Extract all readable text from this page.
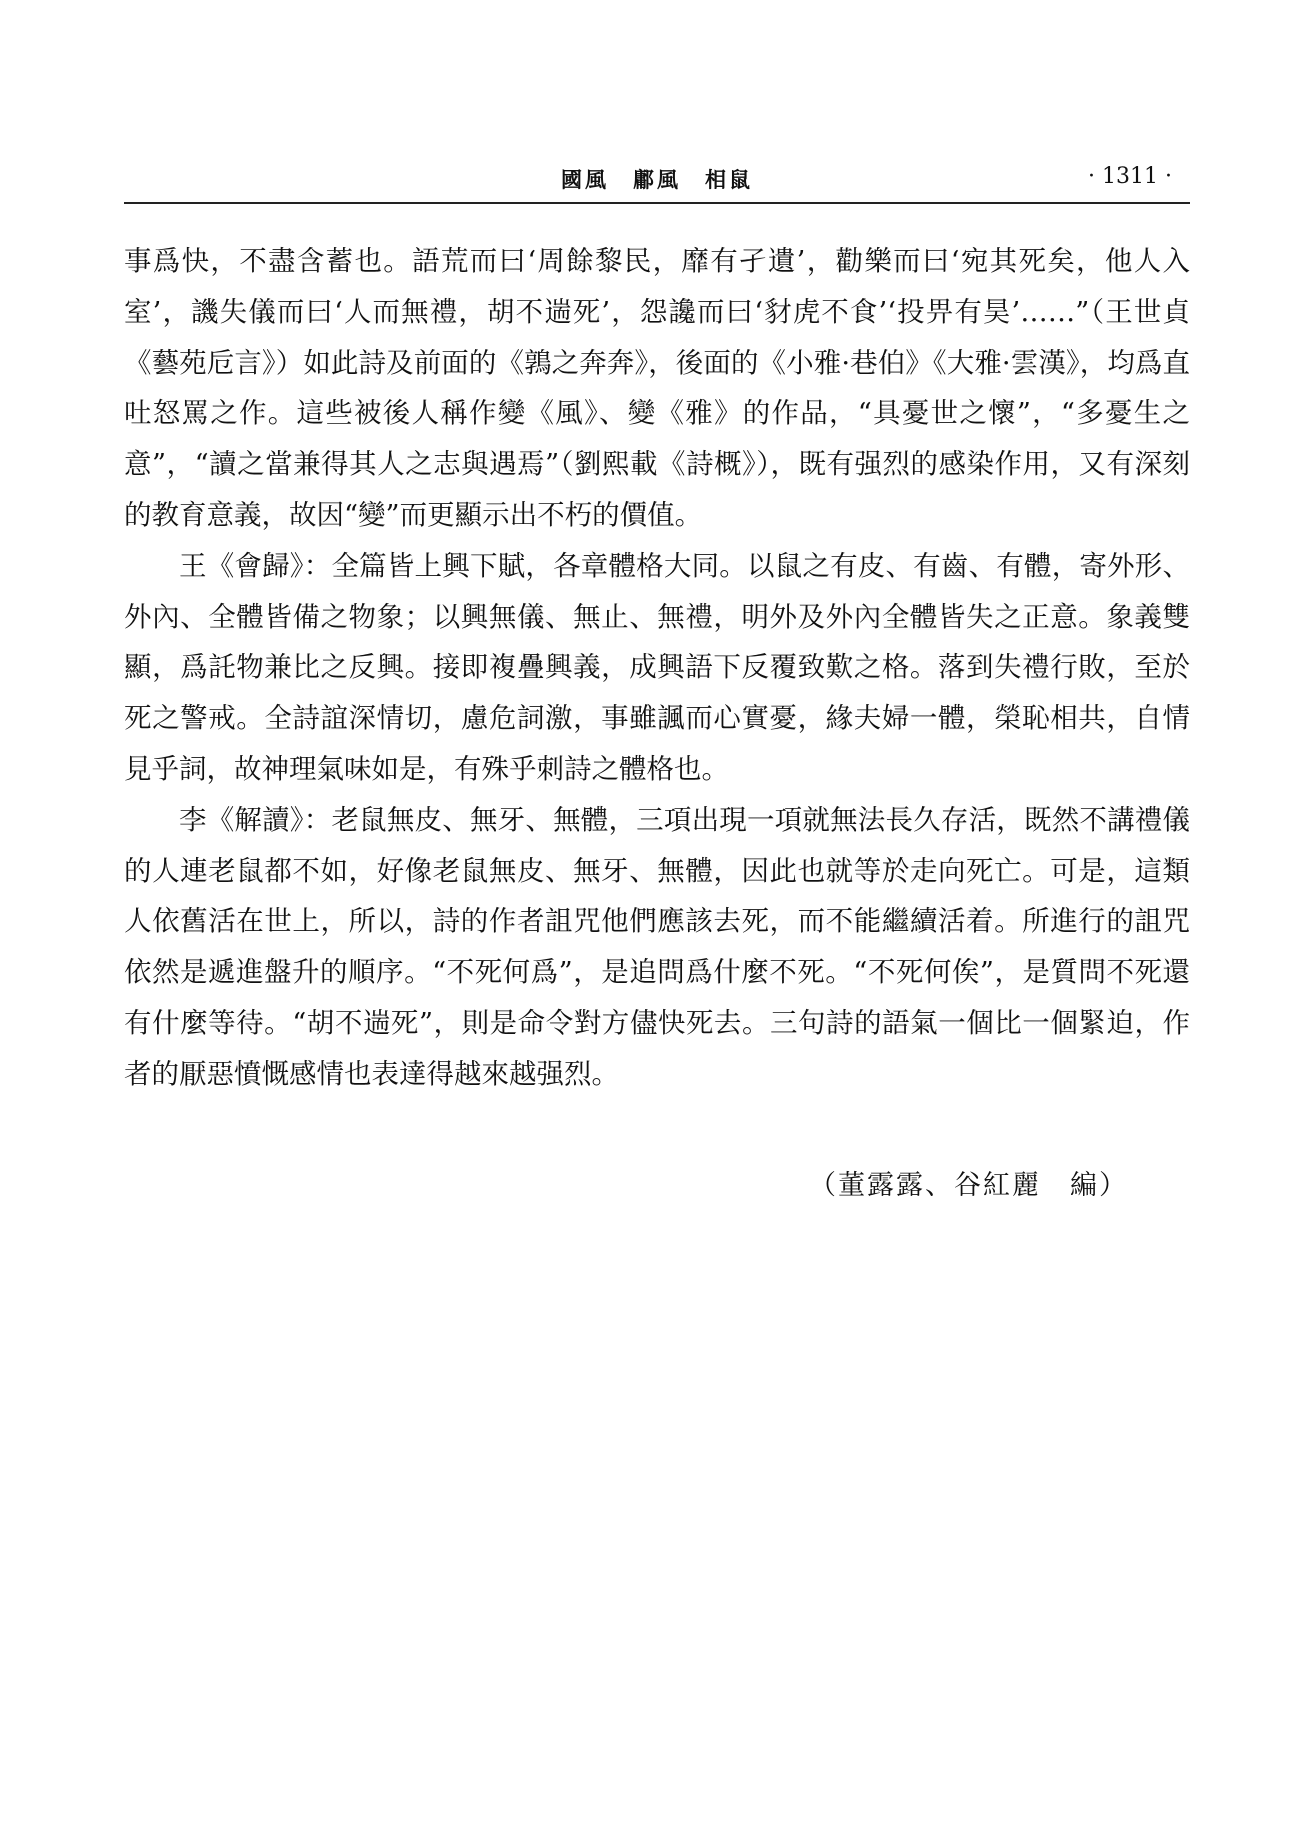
國風　鄘風　相鼠	· 1311 ·

事爲快，不盡含蓄也。語荒而曰‘周餘黎民，靡有孑遺’，勸樂而曰‘宛其死矣，他人入室’，譏失儀而曰‘人而無禮，胡不遄死’，怨讒而曰‘豺虎不食’‘投畀有昊’……”（王世貞《藝苑卮言》）如此詩及前面的《鶉之奔奔》，後面的《小雅·巷伯》《大雅·雲漢》，均爲直吐怒罵之作。這些被後人稱作變《風》、變《雅》的作品，“具憂世之懷”，“多憂生之意”，“讀之當兼得其人之志與遇焉”（劉熙載《詩概》），既有强烈的感染作用，又有深刻的教育意義，故因“變”而更顯示出不朽的價值。

王《會歸》：全篇皆上興下賦，各章體格大同。以鼠之有皮、有齒、有體，寄外形、外內、全體皆備之物象；以興無儀、無止、無禮，明外及外內全體皆失之正意。象義雙顯，爲託物兼比之反興。接即複疊興義，成興語下反覆致歎之格。落到失禮行敗，至於死之警戒。全詩誼深情切，慮危詞激，事雖諷而心實憂，緣夫婦一體，榮恥相共，自情見乎詞，故神理氣味如是，有殊乎刺詩之體格也。

李《解讀》：老鼠無皮、無牙、無體，三項出現一項就無法長久存活，既然不講禮儀的人連老鼠都不如，好像老鼠無皮、無牙、無體，因此也就等於走向死亡。可是，這類人依舊活在世上，所以，詩的作者詛咒他們應該去死，而不能繼續活着。所進行的詛咒依然是遞進盤升的順序。“不死何爲”，是追問爲什麼不死。“不死何俟”，是質問不死還有什麼等待。“胡不遄死”，則是命令對方儘快死去。三句詩的語氣一個比一個緊迫，作者的厭惡憤慨感情也表達得越來越强烈。

（董露露、谷紅麗　編）
